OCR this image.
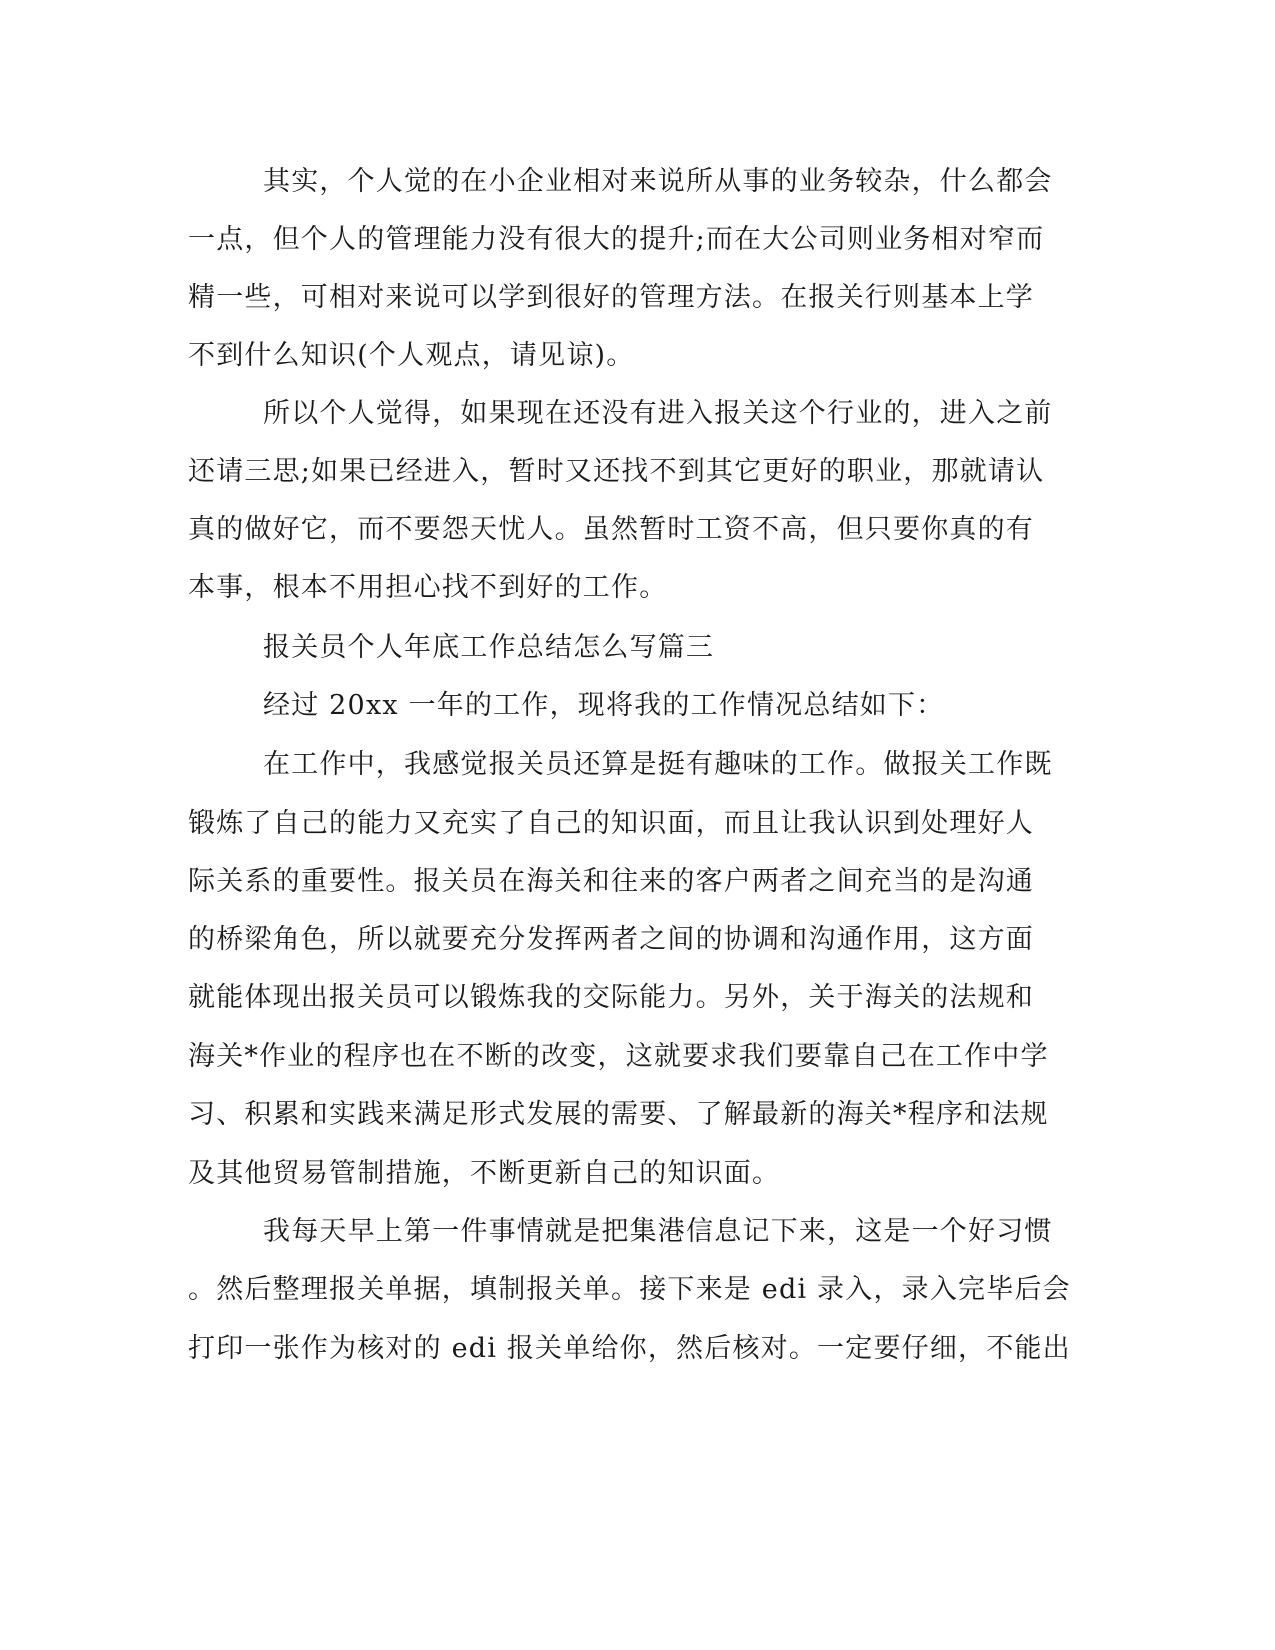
其实，个人觉的在小企业相对来说所从事的业务较杂，什么都会
一点，但个人的管理能力没有很大的提升;而在大公司则业务相对窄而
精一些，可相对来说可以学到很好的管理方法。在报关行则基本上学
不到什么知识(个人观点，请见谅)。
所以个人觉得，如果现在还没有进入报关这个行业的，进入之前
还请三思;如果已经进入，暂时又还找不到其它更好的职业，那就请认
真的做好它，而不要怨天忧人。虽然暂时工资不高，但只要你真的有
本事，根本不用担心找不到好的工作。
报关员个人年底工作总结怎么写篇三
经过 20xx 一年的工作，现将我的工作情况总结如下：
在工作中，我感觉报关员还算是挺有趣味的工作。做报关工作既
锻炼了自己的能力又充实了自己的知识面，而且让我认识到处理好人
际关系的重要性。报关员在海关和往来的客户两者之间充当的是沟通
的桥梁角色，所以就要充分发挥两者之间的协调和沟通作用，这方面
就能体现出报关员可以锻炼我的交际能力。另外，关于海关的法规和
海关*作业的程序也在不断的改变，这就要求我们要靠自己在工作中学
习、积累和实践来满足形式发展的需要、了解最新的海关*程序和法规
及其他贸易管制措施，不断更新自己的知识面。
我每天早上第一件事情就是把集港信息记下来，这是一个好习惯
。然后整理报关单据，填制报关单。接下来是 edi 录入，录入完毕后会
打印一张作为核对的 edi 报关单给你，然后核对。一定要仔细，不能出
